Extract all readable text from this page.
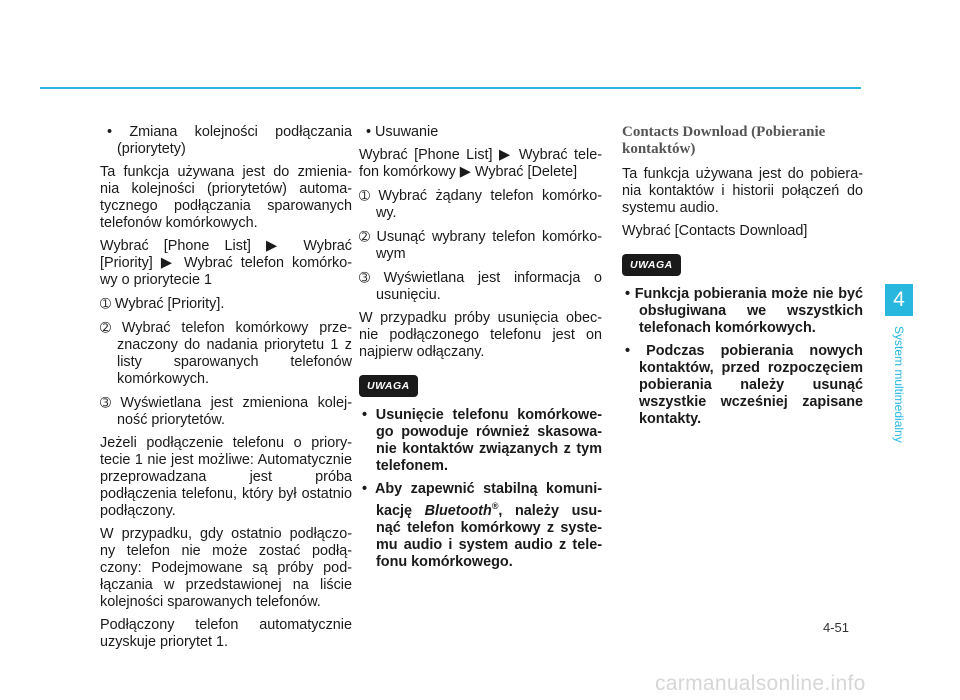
• Zmiana kolejności podłączania (priorytety)

Ta funkcja używana jest do zmienia- nia kolejności (priorytetów) automa- tycznego podłączania sparowanych telefonów komórkowych.

Wybrać [Phone List] ▶ Wybrać [Priority] ▶ Wybrać telefon komórko- wy o priorytecie 1

➀ Wybrać [Priority].

➁ Wybrać telefon komórkowy prze- znaczony do nadania priorytetu 1 z listy sparowanych telefonów komórkowych.

➂ Wyświetlana jest zmieniona kolej- ność priorytetów.

Jeżeli podłączenie telefonu o priory- tecie 1 nie jest możliwe: Automatycznie przeprowadzana jest próba podłączenia telefonu, który był ostatnio podłączony.

W przypadku, gdy ostatnio podłączo- ny telefon nie może zostać podłą- czony: Podejmowane są próby pod- łączania w przedstawionej na liście kolejności sparowanych telefonów.

Podłączony telefon automatycznie uzyskuje priorytet 1.

• Usuwanie

Wybrać [Phone List] ▶ Wybrać tele- fon komórkowy ▶ Wybrać [Delete]

➀ Wybrać żądany telefon komórko- wy.

➁ Usunąć wybrany telefon komórko- wym

➂ Wyświetlana jest informacja o usunięciu.

W przypadku próby usunięcia obec- nie podłączonego telefonu jest on najpierw odłączany.

UWAGA
• Usunięcie telefonu komórkowe- go powoduje również skasowa- nie kontaktów związanych z tym telefonem.
• Aby zapewnić stabilną komuni- kację Bluetooth®, należy usu- nąć telefon komórkowy z syste- mu audio i system audio z tele- fonu komórkowego.
Contacts Download (Pobieranie kontaktów)

Ta funkcja używana jest do pobiera- nia kontaktów i historii połączeń do systemu audio.

Wybrać [Contacts Download]

UWAGA
• Funkcja pobierania może nie być obsługiwana we wszystkich telefonach komórkowych.
• Podczas pobierania nowych kontaktów, przed rozpoczęciem pobierania należy usunąć wszystkie wcześniej zapisane kontakty.
4
System multimedialny
4-51
carmanualsonline.info
